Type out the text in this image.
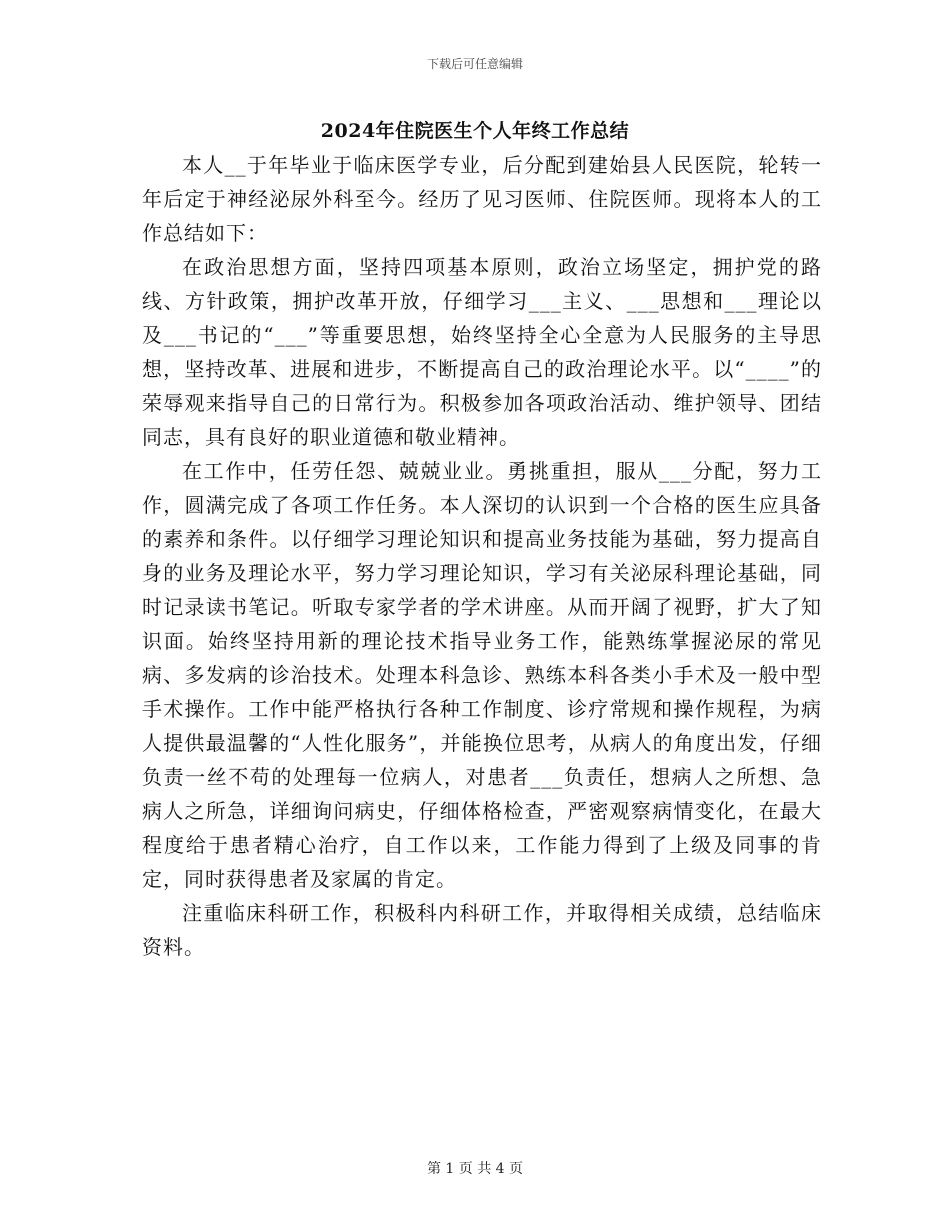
下载后可任意编辑
2024年住院医生个人年终工作总结

本人__于年毕业于临床医学专业，后分配到建始县人民医院，轮转一年后定于神经泌尿外科至今。经历了见习医师、住院医师。现将本人的工作总结如下：

在政治思想方面，坚持四项基本原则，政治立场坚定，拥护党的路线、方针政策，拥护改革开放，仔细学习___主义、___思想和___理论以及___书记的“___”等重要思想，始终坚持全心全意为人民服务的主导思想，坚持改革、进展和进步，不断提高自己的政治理论水平。以“____”的荣辱观来指导自己的日常行为。积极参加各项政治活动、维护领导、团结同志，具有良好的职业道德和敬业精神。

在工作中，任劳任怨、兢兢业业。勇挑重担，服从___分配，努力工作，圆满完成了各项工作任务。本人深切的认识到一个合格的医生应具备的素养和条件。以仔细学习理论知识和提高业务技能为基础，努力提高自身的业务及理论水平，努力学习理论知识，学习有关泌尿科理论基础，同时记录读书笔记。听取专家学者的学术讲座。从而开阔了视野，扩大了知识面。始终坚持用新的理论技术指导业务工作，能熟练掌握泌尿的常见病、多发病的诊治技术。处理本科急诊、熟练本科各类小手术及一般中型手术操作。工作中能严格执行各种工作制度、诊疗常规和操作规程，为病人提供最温馨的“人性化服务”，并能换位思考，从病人的角度出发，仔细负责一丝不苟的处理每一位病人，对患者___负责任，想病人之所想、急病人之所急，详细询问病史，仔细体格检查，严密观察病情变化，在最大程度给于患者精心治疗，自工作以来，工作能力得到了上级及同事的肯定，同时获得患者及家属的肯定。

注重临床科研工作，积极科内科研工作，并取得相关成绩，总结临床资料。

第 1 页 共 4 页
